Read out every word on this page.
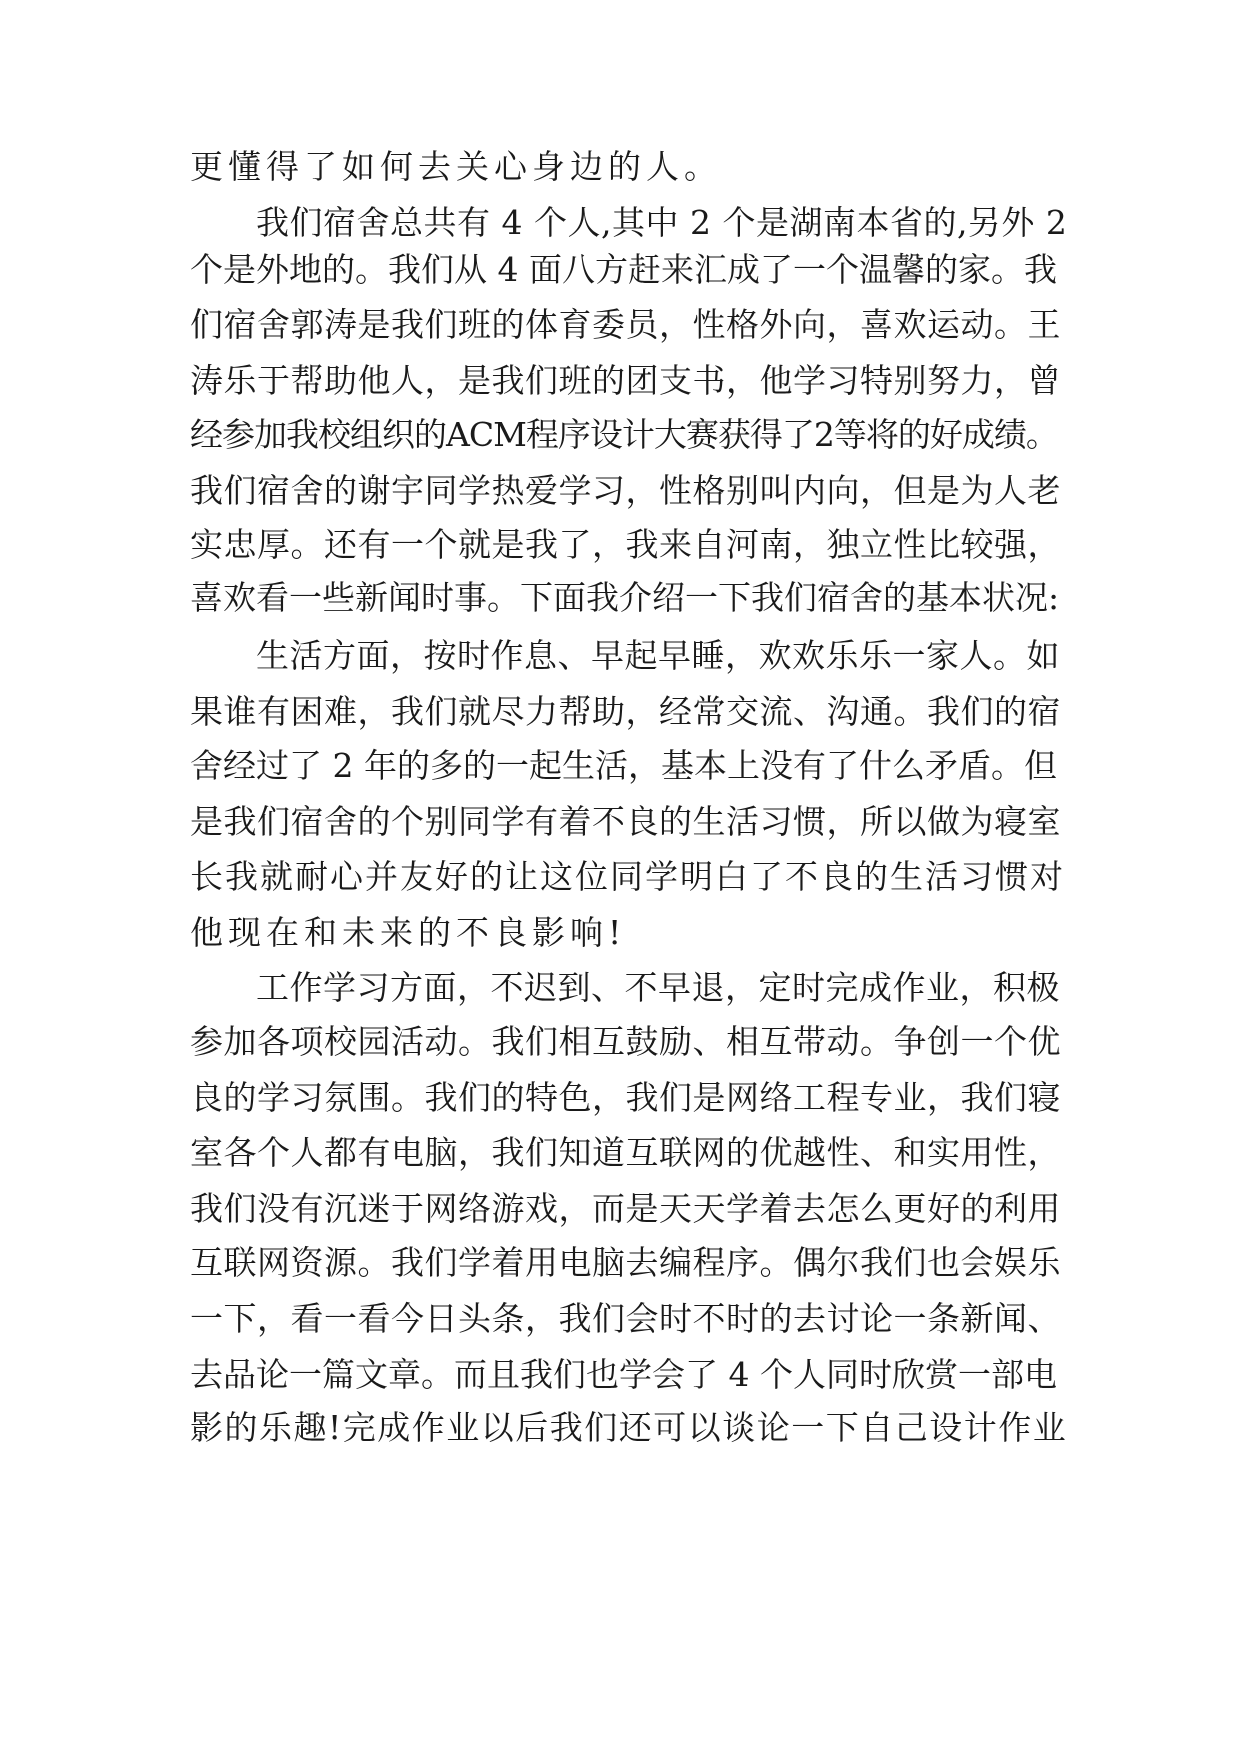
更懂得了如何去关心身边的人。
我们宿舍总共有 4 个人,其中 2 个是湖南本省的,另外 2
个是外地的。我们从 4 面八方赶来汇成了一个温馨的家。我
们宿舍郭涛是我们班的体育委员，性格外向，喜欢运动。王
涛乐于帮助他人，是我们班的团支书，他学习特别努力，曾
经参加我校组织的ACM程序设计大赛获得了2等将的好成绩。
我们宿舍的谢宇同学热爱学习，性格别叫内向，但是为人老
实忠厚。还有一个就是我了，我来自河南，独立性比较强，
喜欢看一些新闻时事。下面我介绍一下我们宿舍的基本状况:
生活方面，按时作息、早起早睡，欢欢乐乐一家人。如
果谁有困难，我们就尽力帮助，经常交流、沟通。我们的宿
舍经过了 2 年的多的一起生活，基本上没有了什么矛盾。但
是我们宿舍的个别同学有着不良的生活习惯，所以做为寝室
长我就耐心并友好的让这位同学明白了不良的生活习惯对
他现在和未来的不良影响!
工作学习方面，不迟到、不早退，定时完成作业，积极
参加各项校园活动。我们相互鼓励、相互带动。争创一个优
良的学习氛围。我们的特色，我们是网络工程专业，我们寝
室各个人都有电脑，我们知道互联网的优越性、和实用性，
我们没有沉迷于网络游戏，而是天天学着去怎么更好的利用
互联网资源。我们学着用电脑去编程序。偶尔我们也会娱乐
一下，看一看今日头条，我们会时不时的去讨论一条新闻、
去品论一篇文章。而且我们也学会了 4 个人同时欣赏一部电
影的乐趣!完成作业以后我们还可以谈论一下自己设计作业
